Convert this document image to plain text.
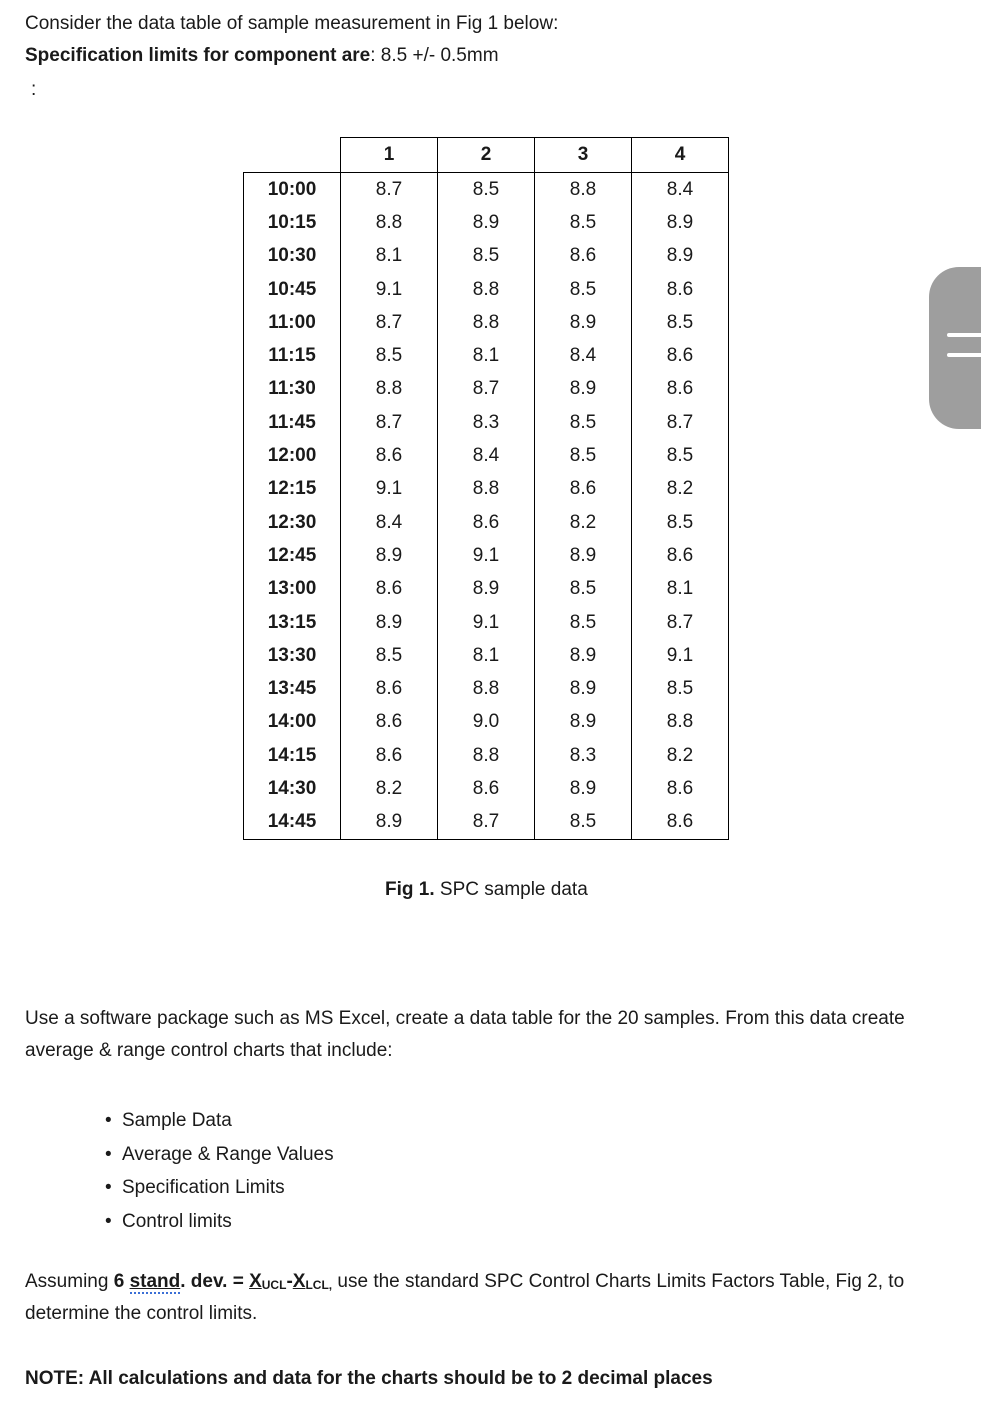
Consider the data table of sample measurement in Fig 1 below:
Specification limits for component are: 8.5 +/- 0.5mm
:
	1	2	3	4
10:00	8.7	8.5	8.8	8.4
10:15	8.8	8.9	8.5	8.9
10:30	8.1	8.5	8.6	8.9
10:45	9.1	8.8	8.5	8.6
11:00	8.7	8.8	8.9	8.5
11:15	8.5	8.1	8.4	8.6
11:30	8.8	8.7	8.9	8.6
11:45	8.7	8.3	8.5	8.7
12:00	8.6	8.4	8.5	8.5
12:15	9.1	8.8	8.6	8.2
12:30	8.4	8.6	8.2	8.5
12:45	8.9	9.1	8.9	8.6
13:00	8.6	8.9	8.5	8.1
13:15	8.9	9.1	8.5	8.7
13:30	8.5	8.1	8.9	9.1
13:45	8.6	8.8	8.9	8.5
14:00	8.6	9.0	8.9	8.8
14:15	8.6	8.8	8.3	8.2
14:30	8.2	8.6	8.9	8.6
14:45	8.9	8.7	8.5	8.6
Fig 1. SPC sample data
Use a software package such as MS Excel, create a data table for the 20 samples. From this data create
average & range control charts that include:
• Sample Data
• Average & Range Values
• Specification Limits
• Control limits
Assuming 6 stand. dev. = $X_{UCL}-X_{LCL,}$ use the standard SPC Control Charts Limits Factors Table, Fig 2, to
determine the control limits.
NOTE: All calculations and data for the charts should be to 2 decimal places
